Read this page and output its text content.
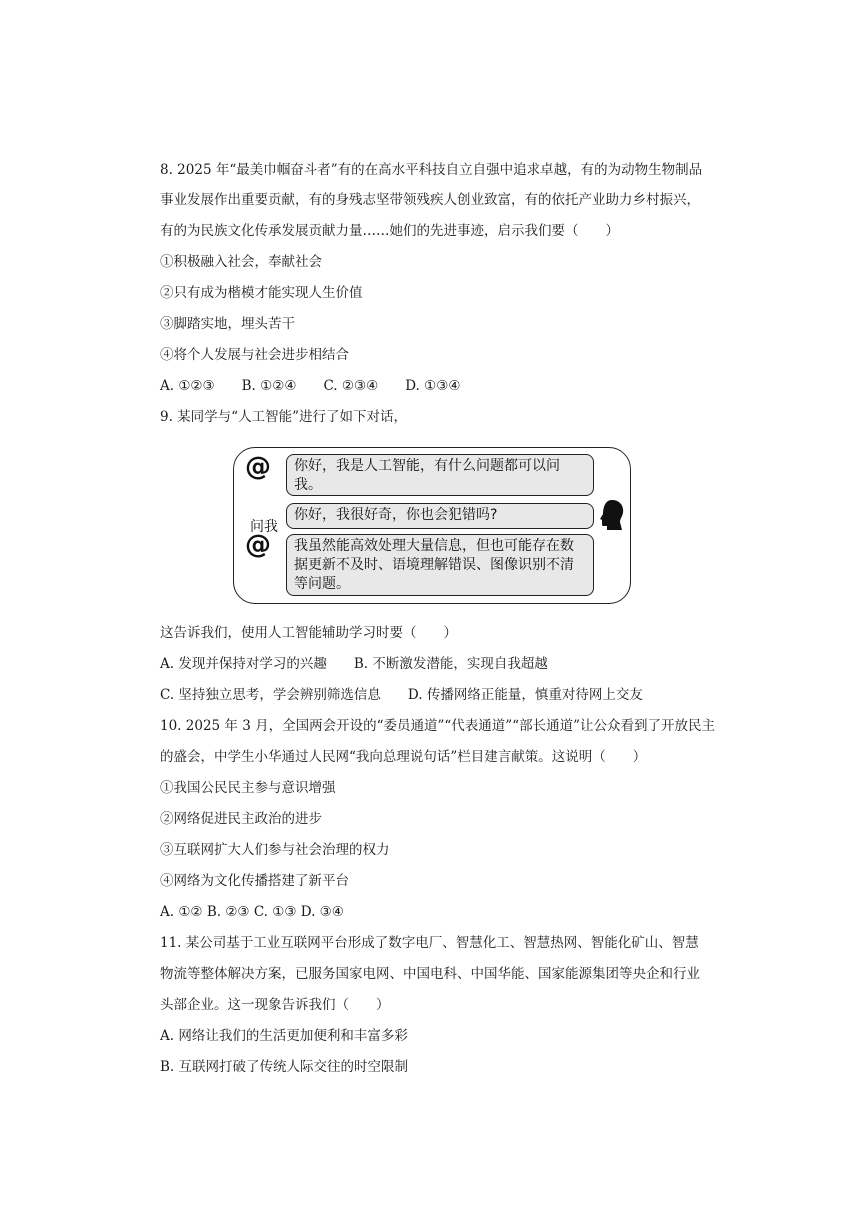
8. 2025 年“最美巾帼奋斗者”有的在高水平科技自立自强中追求卓越，有的为动物生物制品
事业发展作出重要贡献，有的身残志坚带领残疾人创业致富，有的依托产业助力乡村振兴，
有的为民族文化传承发展贡献力量……她们的先进事迹，启示我们要（　　）
①积极融入社会，奉献社会
②只有成为楷模才能实现人生价值
③脚踏实地，埋头苦干
④将个人发展与社会进步相结合
A. ①②③　　B. ①②④　　C. ②③④　　D. ①③④
9. 某同学与“人工智能”进行了如下对话，
@	你好，我是人工智能，有什么问题都可以问我。
问我
你好，我很好奇，你也会犯错吗?
@	我虽然能高效处理大量信息，但也可能存在数据更新不及时、语境理解错误、图像识别不清等问题。
这告诉我们，使用人工智能辅助学习时要（　　）
A. 发现并保持对学习的兴趣　　B. 不断激发潜能，实现自我超越
C. 坚持独立思考，学会辨别筛选信息　　D. 传播网络正能量，慎重对待网上交友
10. 2025 年 3 月，全国两会开设的“委员通道”“代表通道”“部长通道”让公众看到了开放民主
的盛会，中学生小华通过人民网“我向总理说句话”栏目建言献策。这说明（　　）
①我国公民民主参与意识增强
②网络促进民主政治的进步
③互联网扩大人们参与社会治理的权力
④网络为文化传播搭建了新平台
A. ①② B. ②③ C. ①③ D. ③④
11. 某公司基于工业互联网平台形成了数字电厂、智慧化工、智慧热网、智能化矿山、智慧
物流等整体解决方案，已服务国家电网、中国电科、中国华能、国家能源集团等央企和行业
头部企业。这一现象告诉我们（　　）
A. 网络让我们的生活更加便利和丰富多彩
B. 互联网打破了传统人际交往的时空限制
